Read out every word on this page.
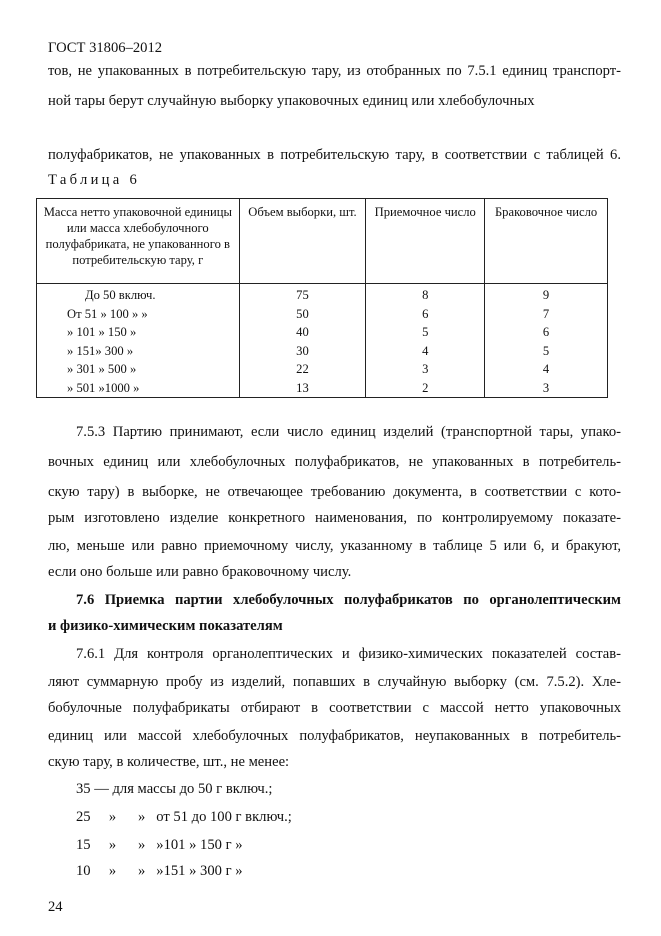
ГОСТ 31806–2012
тов, не упакованных в потребительскую тару, из отобранных по 7.5.1 единиц транспорт-
ной тары берут случайную выборку упаковочных единиц или хлебобулочных
полуфабрикатов, не упакованных в потребительскую тару, в соответствии с таблицей 6.
Таблица 6
Масса нетто упаковочной единицы или масса хлебобулочного полуфабриката, не упакованного в потребительскую тару, г	Объем выборки, шт.	Приемочное число	Браковочное число
До 50 включ.	75	8	9
От 51 » 100 » »	50	6	7
» 101 » 150 »	40	5	6
» 151» 300 »	30	4	5
» 301 » 500 »	22	3	4
» 501 »1000 »	13	2	3
7.5.3 Партию принимают, если число единиц изделий (транспортной тары, упако-
вочных единиц или хлебобулочных полуфабрикатов, не упакованных в потребитель-
скую тару) в выборке, не отвечающее требованию документа, в соответствии с кото-
рым изготовлено изделие конкретного наименования, по контролируемому показате-
лю, меньше или равно приемочному числу, указанному в таблице 5 или 6, и бракуют,
если оно больше или равно браковочному числу.
7.6 Приемка партии хлебобулочных полуфабрикатов по органолептическим
и физико-химическим показателям
7.6.1 Для контроля органолептических и физико-химических показателей состав-
ляют суммарную пробу из изделий, попавших в случайную выборку (см. 7.5.2). Хле-
бобулочные полуфабрикаты отбирают в соответствии с массой нетто упаковочных
единиц или массой хлебобулочных полуфабрикатов, неупакованных в потребитель-
скую тару, в количестве, шт., не менее:
35 — для массы до 50 г включ.;
25     »      »   от 51 до 100 г включ.;
15     »      »   »101 » 150 г »
10     »      »   »151 » 300 г »
24
